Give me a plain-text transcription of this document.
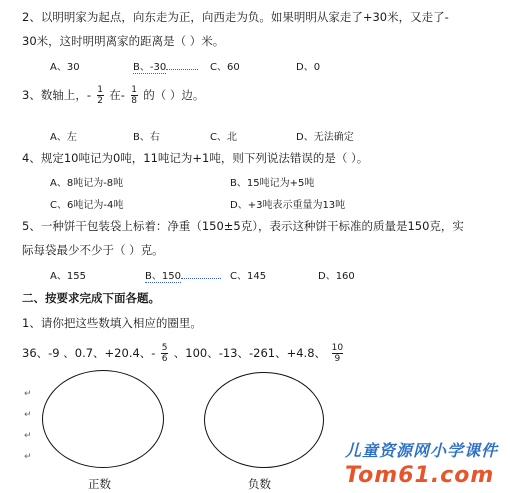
2、以明明家为起点，向东走为正，向西走为负。如果明明从家走了+30米，又走了-
30米，这时明明离家的距离是（ ）米。
A、30	B、-30	C、60	D、0
3、数轴上，- $\frac{1}{2}$ 在- $\frac{1}{8}$ 的（ ）边。
A、左	B、右	C、北	D、无法确定
4、规定10吨记为0吨，11吨记为+1吨，则下列说法错误的是（ ）。
A、8吨记为-8吨	B、15吨记为+5吨
C、6吨记为-4吨	D、+3吨表示重量为13吨
5、一种饼干包装袋上标着：净重（150±5克），表示这种饼干标准的质量是150克，实
际每袋最少不少于（ ）克。
A、155	B、150	C、145	D、160
二、按要求完成下面各题。
1、请你把这些数填入相应的圈里。
36、-9 、0.7、+20.4、- $\frac{5}{6}$ 、100、-13、-261、+4.8、 $\frac{10}{9}$
↵
↵
↵
↵
正数	负数
儿童资源网小学课件
Tom61.com
